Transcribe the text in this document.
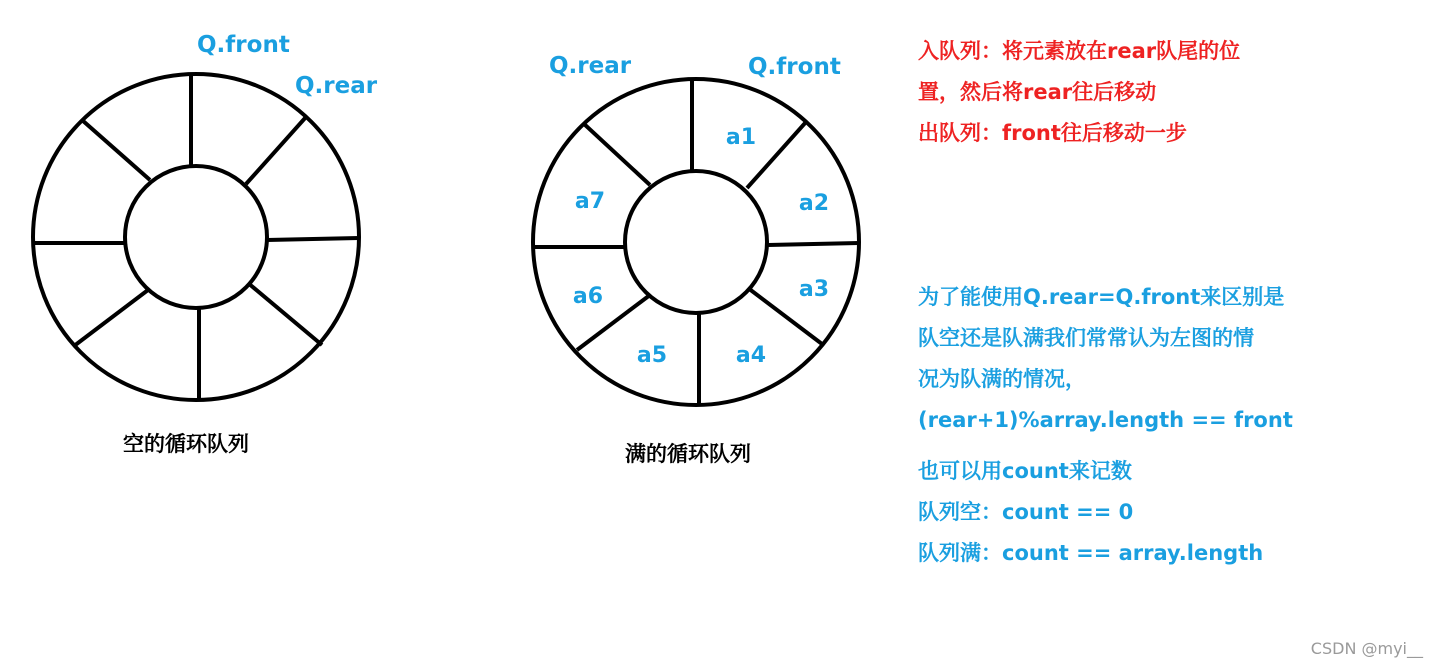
Q.front
Q.rear
空的循环队列
Q.rear	Q.front
a1
a2
a3
a4
a5
a6
a7
满的循环队列
入队列：将元素放在rear队尾的位
置，然后将rear往后移动
出队列：front往后移动一步
为了能使用Q.rear=Q.front来区别是
队空还是队满我们常常认为左图的情
况为队满的情况，
(rear+1)%array.length == front
也可以用count来记数
队列空：count == 0
队列满：count == array.length
CSDN @myi__
